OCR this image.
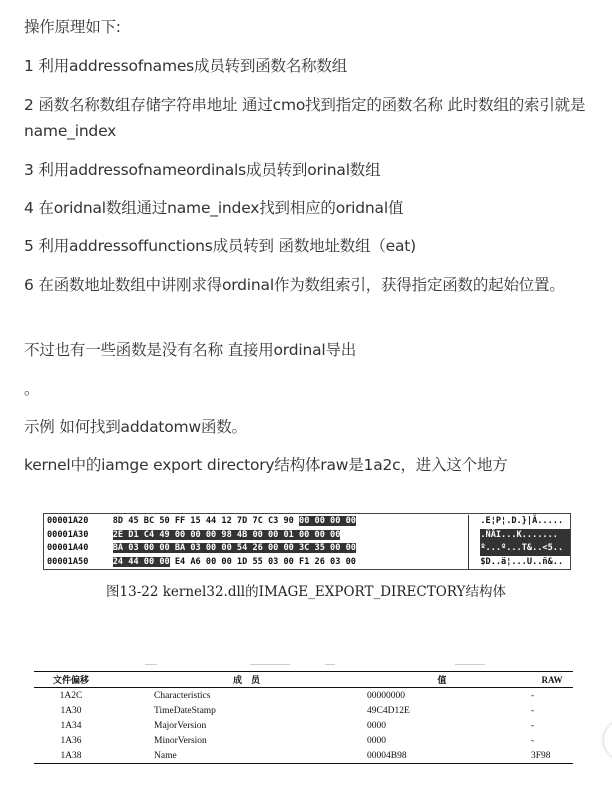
操作原理如下:
1 利用addressofnames成员转到函数名称数组
2 函数名称数组存储字符串地址 通过cmo找到指定的函数名称 此时数组的索引就是name_index
3 利用addressofnameordinals成员转到orinal数组
4 在oridnal数组通过name_index找到相应的oridnal值
5 利用addressoffunctions成员转到 函数地址数组（eat)
6 在函数地址数组中讲刚求得ordinal作为数组索引，获得指定函数的起始位置。
不过也有一些函数是没有名称 直接用ordinal导出
。
示例 如何找到addatomw函数。
kernel中的iamge export directory结构体raw是1a2c，进入这个地方
00001A20	8D 45 BC 50 FF 15 44 12 7D 7C C3 90 00 00 00 00	.E¦P¦.D.}|Ã.....
00001A30	2E D1 C4 49 00 00 00 98 4B 00 00 01 00 00 00	.ÑÄI...K.......
00001A40	BA 03 00 00 BA 03 00 00 54 26 00 00 3C 35 00 00	º...º...T&..<5..
00001A50	24 44 00 00 E4 A6 00 00 1D 55 03 00 F1 26 03 00	$D..ä¦...U..ñ&..
图13-22 kernel32.dll的IMAGE_EXPORT_DIRECTORY结构体
文件偏移	成　员	值	RAW
1A2C	Characteristics	00000000	-
1A30	TimeDateStamp	49C4D12E	-
1A34	MajorVersion	0000	-
1A36	MinorVersion	0000	-
1A38	Name	00004B98	3F98
